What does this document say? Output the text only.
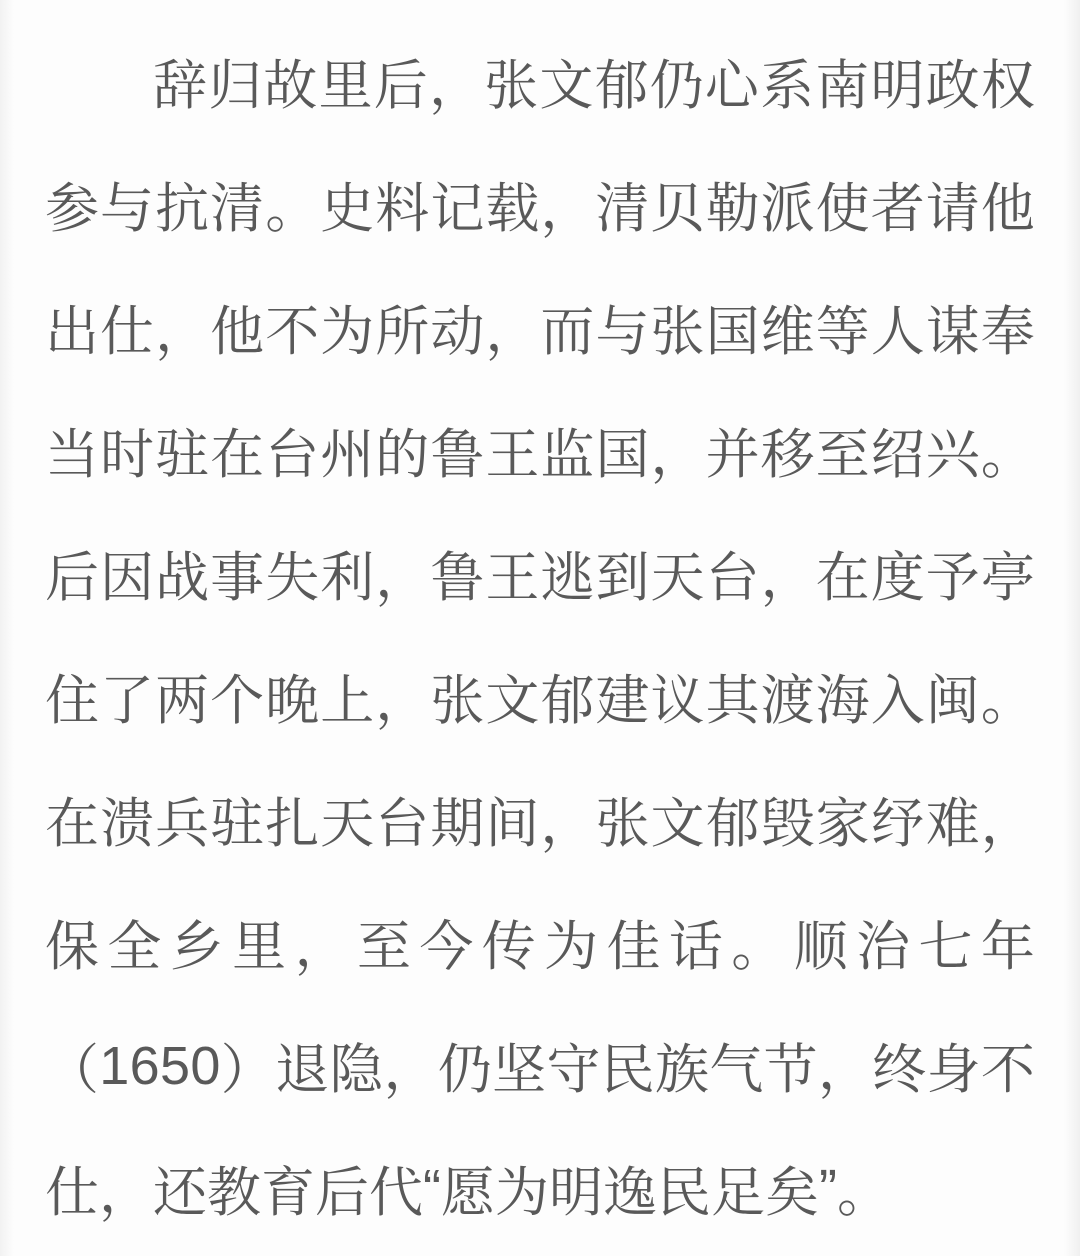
辞 归 故 里 后 ， 张 文 郁 仍 心 系 南 明 政 权
参 与 抗 清 。 史 料 记 载 ， 清 贝 勒 派 使 者 请 他
出 仕 ， 他 不 为 所 动 ， 而 与 张 国 维 等 人 谋 奉
当 时 驻 在 台 州 的 鲁 王 监 国 ， 并 移 至 绍 兴 。
后 因 战 事 失 利 ， 鲁 王 逃 到 天 台 ， 在 度 予 亭
住 了 两 个 晚 上 ， 张 文 郁 建 议 其 渡 海 入 闽 。
在 溃 兵 驻 扎 天 台 期 间 ， 张 文 郁 毁 家 纾 难 ，
保 全 乡 里 ， 至 今 传 为 佳 话 。 顺 治 七 年
（ 1 6 5 0 ） 退 隐 ， 仍 坚 守 民 族 气 节 ， 终 身 不
仕 ， 还 教 育 后 代 “ 愿 为 明 逸 民 足 矣 ” 。
